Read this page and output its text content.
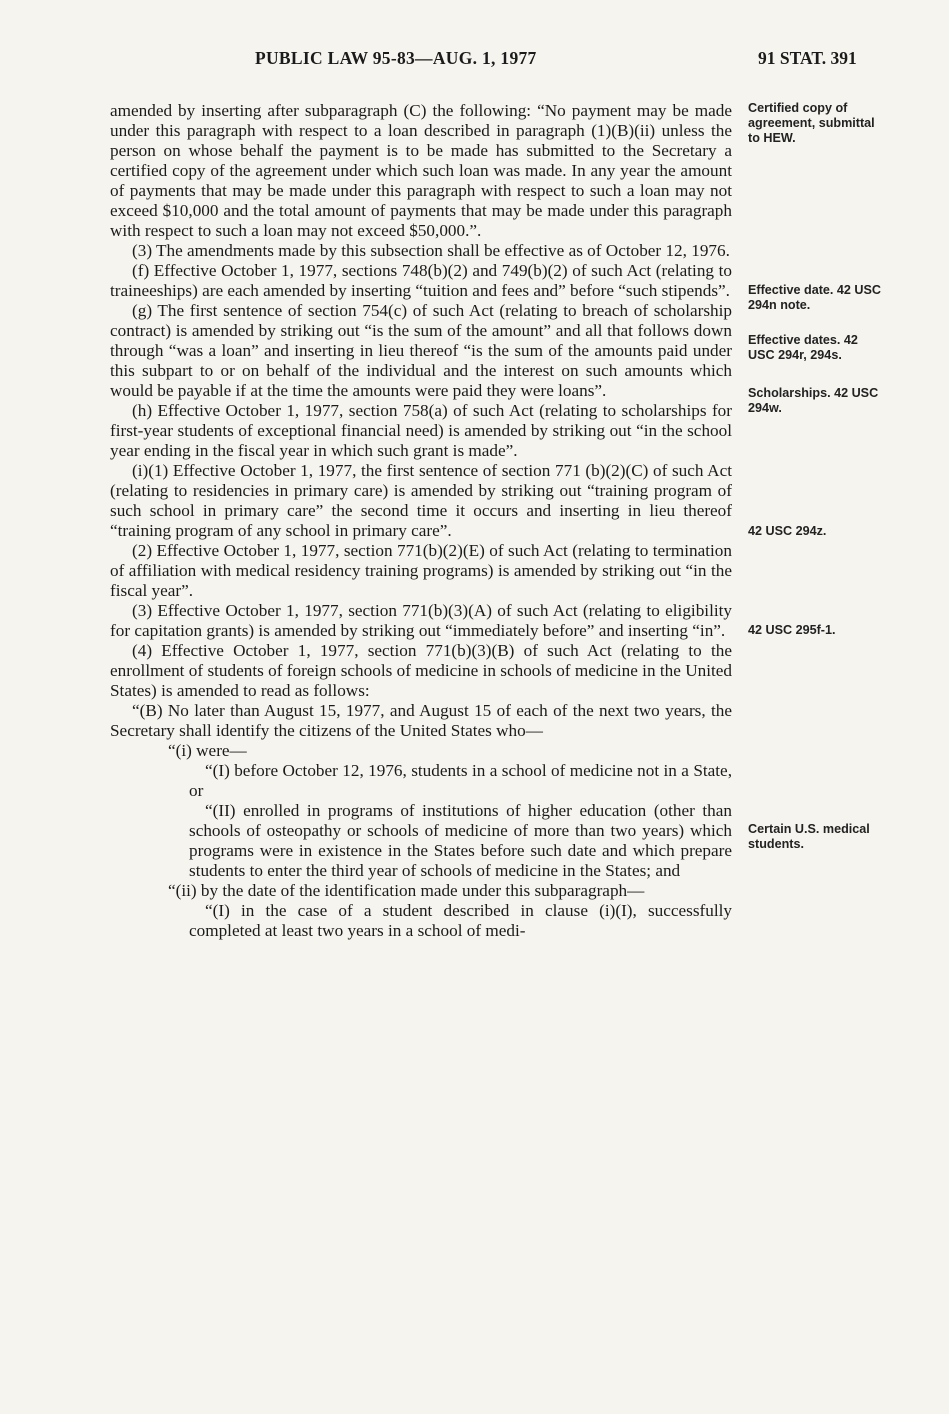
PUBLIC LAW 95-83—AUG. 1, 1977	91 STAT. 391

amended by inserting after subparagraph (C) the following: “No payment may be made under this paragraph with respect to a loan described in paragraph (1)(B)(ii) unless the person on whose behalf the payment is to be made has submitted to the Secretary a certified copy of the agreement under which such loan was made. In any year the amount of payments that may be made under this paragraph with respect to such a loan may not exceed $10,000 and the total amount of payments that may be made under this paragraph with respect to such a loan may not exceed $50,000.”.

(3) The amendments made by this subsection shall be effective as of October 12, 1976.

(f) Effective October 1, 1977, sections 748(b)(2) and 749(b)(2) of such Act (relating to traineeships) are each amended by inserting “tuition and fees and” before “such stipends”.

(g) The first sentence of section 754(c) of such Act (relating to breach of scholarship contract) is amended by striking out “is the sum of the amount” and all that follows down through “was a loan” and inserting in lieu thereof “is the sum of the amounts paid under this subpart to or on behalf of the individual and the interest on such amounts which would be payable if at the time the amounts were paid they were loans”.

(h) Effective October 1, 1977, section 758(a) of such Act (relating to scholarships for first-year students of exceptional financial need) is amended by striking out “in the school year ending in the fiscal year in which such grant is made”.

(i)(1) Effective October 1, 1977, the first sentence of section 771 (b)(2)(C) of such Act (relating to residencies in primary care) is amended by striking out “training program of such school in primary care” the second time it occurs and inserting in lieu thereof “training program of any school in primary care”.

(2) Effective October 1, 1977, section 771(b)(2)(E) of such Act (relating to termination of affiliation with medical residency training programs) is amended by striking out “in the fiscal year”.

(3) Effective October 1, 1977, section 771(b)(3)(A) of such Act (relating to eligibility for capitation grants) is amended by striking out “immediately before” and inserting “in”.

(4) Effective October 1, 1977, section 771(b)(3)(B) of such Act (relating to the enrollment of students of foreign schools of medicine in schools of medicine in the United States) is amended to read as follows:

“(B) No later than August 15, 1977, and August 15 of each of the next two years, the Secretary shall identify the citizens of the United States who—

“(i) were—

“(I) before October 12, 1976, students in a school of medicine not in a State, or

“(II) enrolled in programs of institutions of higher education (other than schools of osteopathy or schools of medicine of more than two years) which programs were in existence in the States before such date and which prepare students to enter the third year of schools of medicine in the States; and

“(ii) by the date of the identification made under this subparagraph—

“(I) in the case of a student described in clause (i)(I), successfully completed at least two years in a school of medi-

Certified copy of agreement, submittal to HEW.
Effective date. 42 USC 294n note.
Effective dates. 42 USC 294r, 294s.
Scholarships. 42 USC 294w.
42 USC 294z.
42 USC 295f-1.
Certain U.S. medical students.
